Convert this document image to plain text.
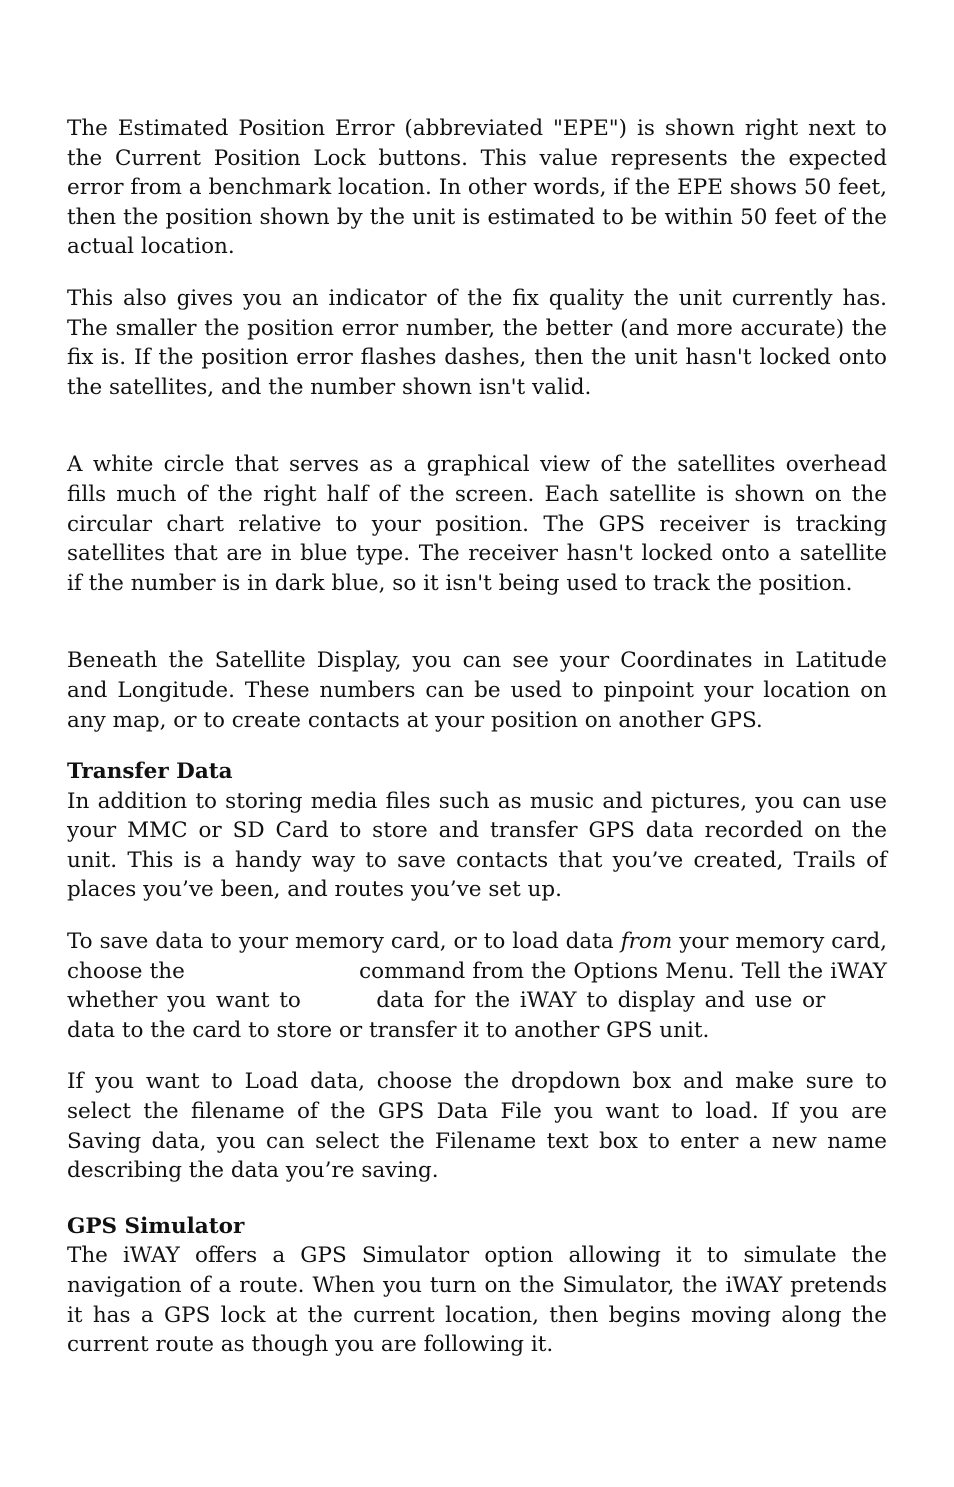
The Estimated Position Error (abbreviated "EPE") is shown right next to the Current Position Lock buttons. This value represents the expected error from a benchmark location. In other words, if the EPE shows 50 feet, then the position shown by the unit is estimated to be within 50 feet of the actual location.

This also gives you an indicator of the fix quality the unit currently has. The smaller the position error number, the better (and more accurate) the fix is. If the position error flashes dashes, then the unit hasn't locked onto the satellites, and the number shown isn't valid.

A white circle that serves as a graphical view of the satellites overhead fills much of the right half of the screen. Each satellite is shown on the circular chart relative to your position. The GPS receiver is tracking satellites that are in blue type. The receiver hasn't locked onto a satellite if the number is in dark blue, so it isn't being used to track the position.

Beneath the Satellite Display, you can see your Coordinates in Latitude and Longitude. These numbers can be used to pinpoint your location on any map, or to create contacts at your position on another GPS.

Transfer Data

In addition to storing media files such as music and pictures, you can use your MMC or SD Card to store and transfer GPS data recorded on the unit. This is a handy way to save contacts that you’ve created, Trails of places you’ve been, and routes you’ve set up.

To save data to your memory card, or to load data from your memory card, choose the	command from the Options Menu. Tell the iWAY whether you want to	data for the iWAY to display and use or  data to the card to store or transfer it to another GPS unit.

If you want to Load data, choose the dropdown box and make sure to select the filename of the GPS Data File you want to load. If you are Saving data, you can select the Filename text box to enter a new name describing the data you’re saving.

GPS Simulator

The iWAY offers a GPS Simulator option allowing it to simulate the navigation of a route. When you turn on the Simulator, the iWAY pretends it has a GPS lock at the current location, then begins moving along the current route as though you are following it.
